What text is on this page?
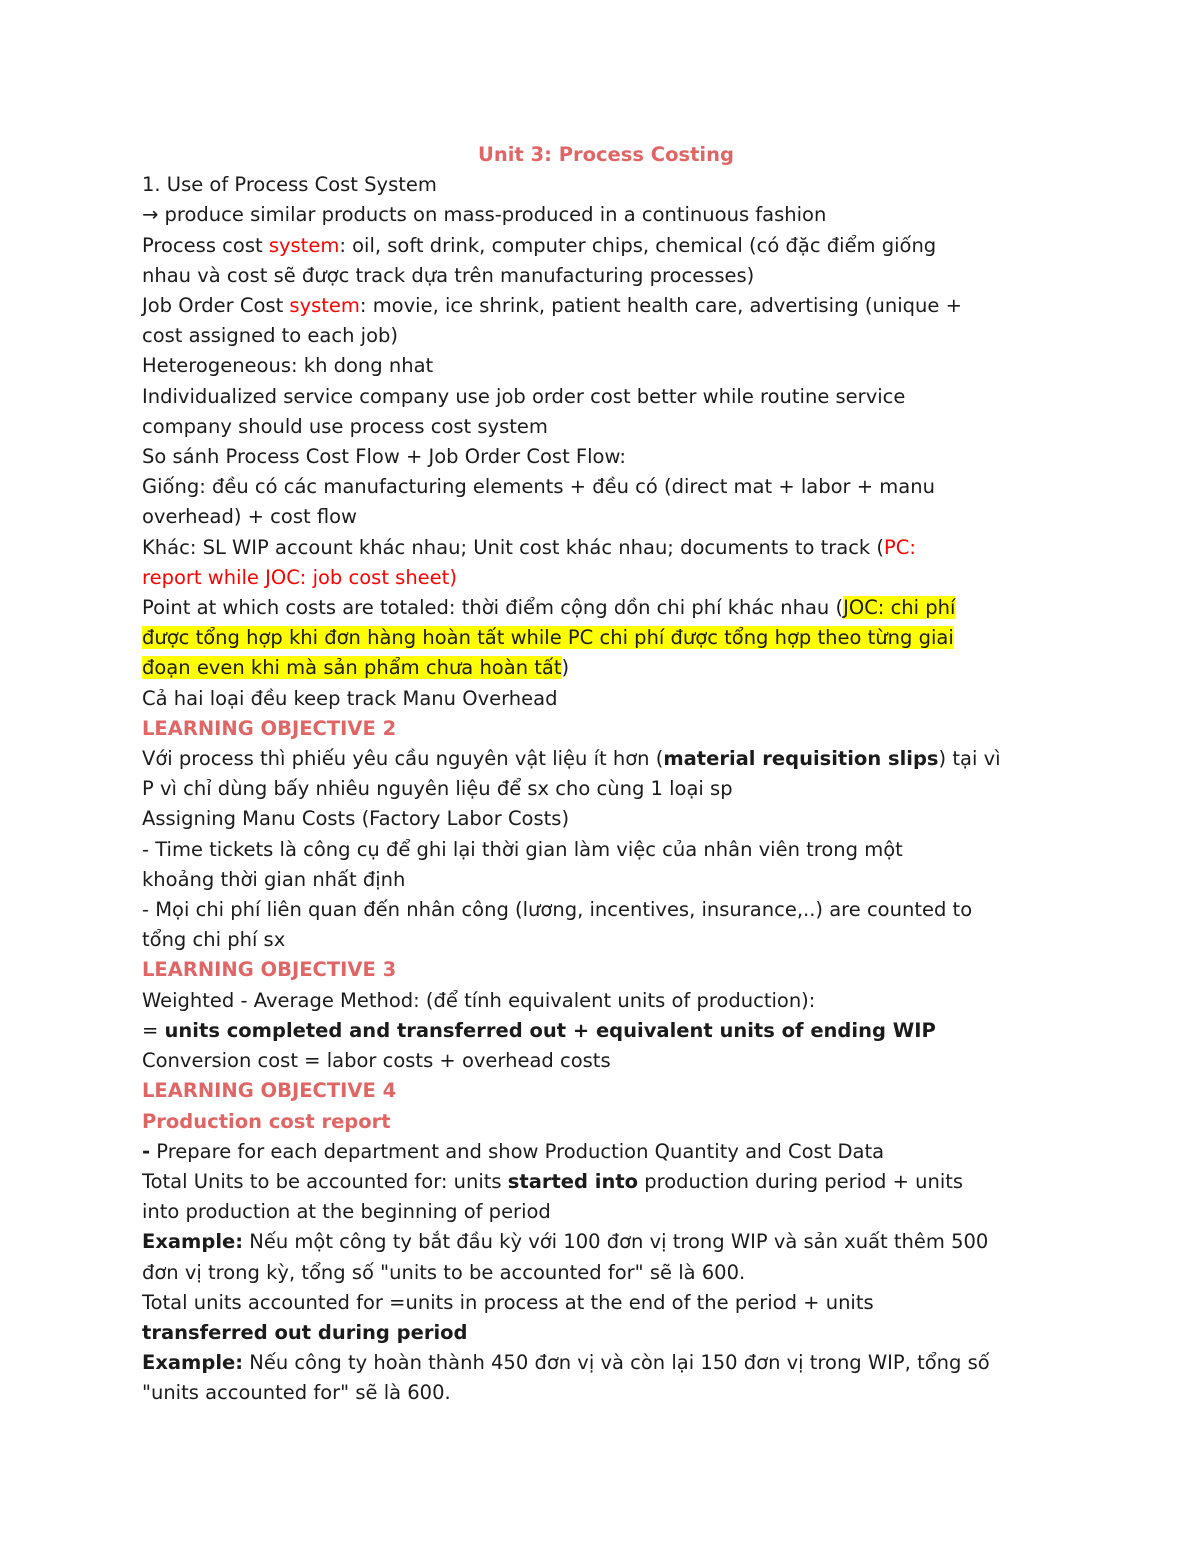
Unit 3: Process Costing

1. Use of Process Cost System

→ produce similar products on mass-produced in a continuous fashion

Process cost system: oil, soft drink, computer chips, chemical (có đặc điểm giống

nhau và cost sẽ được track dựa trên manufacturing processes)

Job Order Cost system: movie, ice shrink, patient health care, advertising (unique +

cost assigned to each job)

Heterogeneous: kh dong nhat

Individualized service company use job order cost better while routine service

company should use process cost system

So sánh Process Cost Flow + Job Order Cost Flow:

Giống: đều có các manufacturing elements + đều có (direct mat + labor + manu

overhead) + cost flow

Khác: SL WIP account khác nhau; Unit cost khác nhau; documents to track (PC:

report while JOC: job cost sheet)

Point at which costs are totaled: thời điểm cộng dồn chi phí khác nhau (JOC: chi phí

được tổng hợp khi đơn hàng hoàn tất while PC chi phí được tổng hợp theo từng giai

đoạn even khi mà sản phẩm chưa hoàn tất)

Cả hai loại đều keep track Manu Overhead

LEARNING OBJECTIVE 2

Với process thì phiếu yêu cầu nguyên vật liệu ít hơn (material requisition slips) tại vì

P vì chỉ dùng bấy nhiêu nguyên liệu để sx cho cùng 1 loại sp

Assigning Manu Costs (Factory Labor Costs)

- Time tickets là công cụ để ghi lại thời gian làm việc của nhân viên trong một

khoảng thời gian nhất định

- Mọi chi phí liên quan đến nhân công (lương, incentives, insurance,..) are counted to

tổng chi phí sx

LEARNING OBJECTIVE 3

Weighted - Average Method: (để tính equivalent units of production):

= units completed and transferred out + equivalent units of ending WIP

Conversion cost = labor costs + overhead costs

LEARNING OBJECTIVE 4

Production cost report

- Prepare for each department and show Production Quantity and Cost Data

Total Units to be accounted for: units started into production during period + units

into production at the beginning of period

Example: Nếu một công ty bắt đầu kỳ với 100 đơn vị trong WIP và sản xuất thêm 500

đơn vị trong kỳ, tổng số "units to be accounted for" sẽ là 600.

Total units accounted for =units in process at the end of the period + units

transferred out during period

Example: Nếu công ty hoàn thành 450 đơn vị và còn lại 150 đơn vị trong WIP, tổng số

"units accounted for" sẽ là 600.
